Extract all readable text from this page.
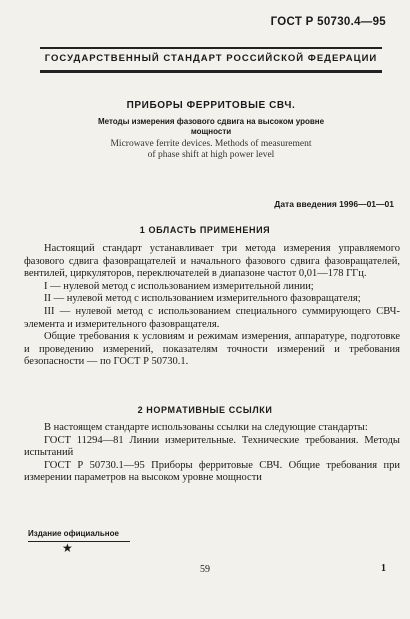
ГОСТ Р 50730.4—95
ГОСУДАРСТВЕННЫЙ СТАНДАРТ РОССИЙСКОЙ ФЕДЕРАЦИИ
ПРИБОРЫ ФЕРРИТОВЫЕ СВЧ.
Методы измерения фазового сдвига на высоком уровне
мощности
Microwave ferrite devices. Methods of measurement
of phase shift at high power level
Дата введения 1996—01—01
1 ОБЛАСТЬ ПРИМЕНЕНИЯ

Настоящий стандарт устанавливает три метода измерения управляемого фазового сдвига фазовращателей и начального фазового сдвига фазовращателей, вентилей, циркуляторов, переключателей в диапазоне частот 0,01—178 ГГц.

I — нулевой метод с использованием измерительной линии;

II — нулевой метод с использованием измерительного фазовращателя;

III — нулевой метод с использованием специального суммирующего СВЧ-элемента и измерительного фазовращателя.

Общие требования к условиям и режимам измерения, аппаратуре, подготовке и проведению измерений, показателям точности измерений и требования безопасности — по ГОСТ Р 50730.1.

2 НОРМАТИВНЫЕ ССЫЛКИ

В настоящем стандарте использованы ссылки на следующие стандарты:

ГОСТ 11294—81 Линии измерительные. Технические требования. Методы испытаний

ГОСТ Р 50730.1—95 Приборы ферритовые СВЧ. Общие требования при измерении параметров на высоком уровне мощности

Издание официальное
★
59	1
